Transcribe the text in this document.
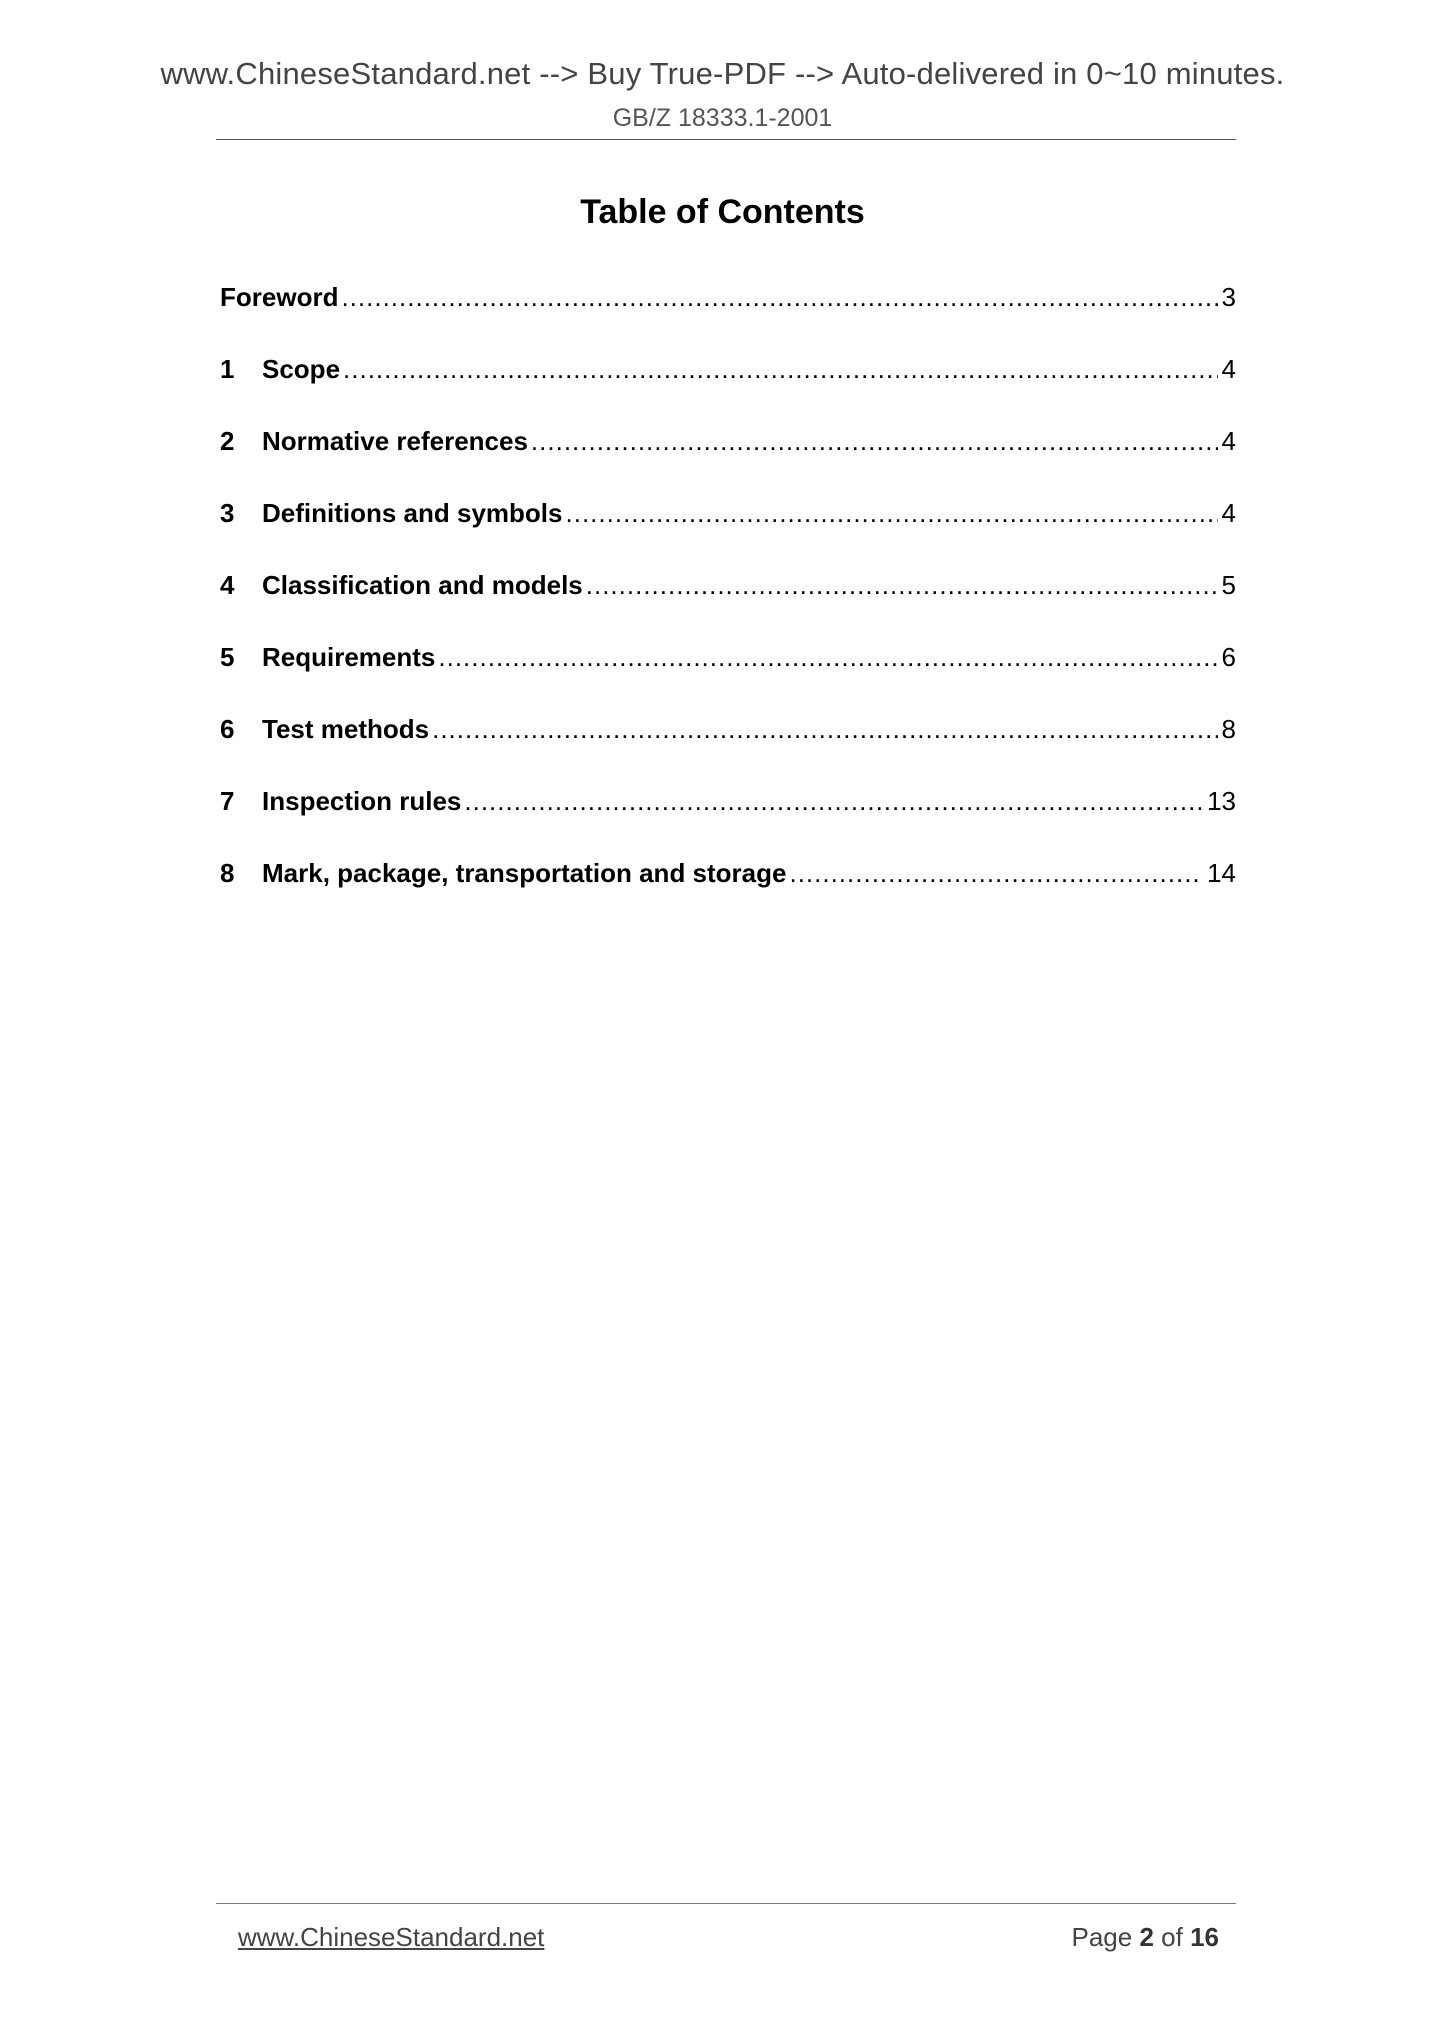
www.ChineseStandard.net --> Buy True-PDF --> Auto-delivered in 0~10 minutes.
GB/Z 18333.1-2001
Table of Contents
Foreword .....	3
1	Scope .....	4
2	Normative references .....	4
3	Definitions and symbols .....	4
4	Classification and models .....	5
5	Requirements .....	6
6	Test methods .....	8
7	Inspection rules .....	13
8	Mark, package, transportation and storage .....	14
www.ChineseStandard.net	Page 2 of 16
